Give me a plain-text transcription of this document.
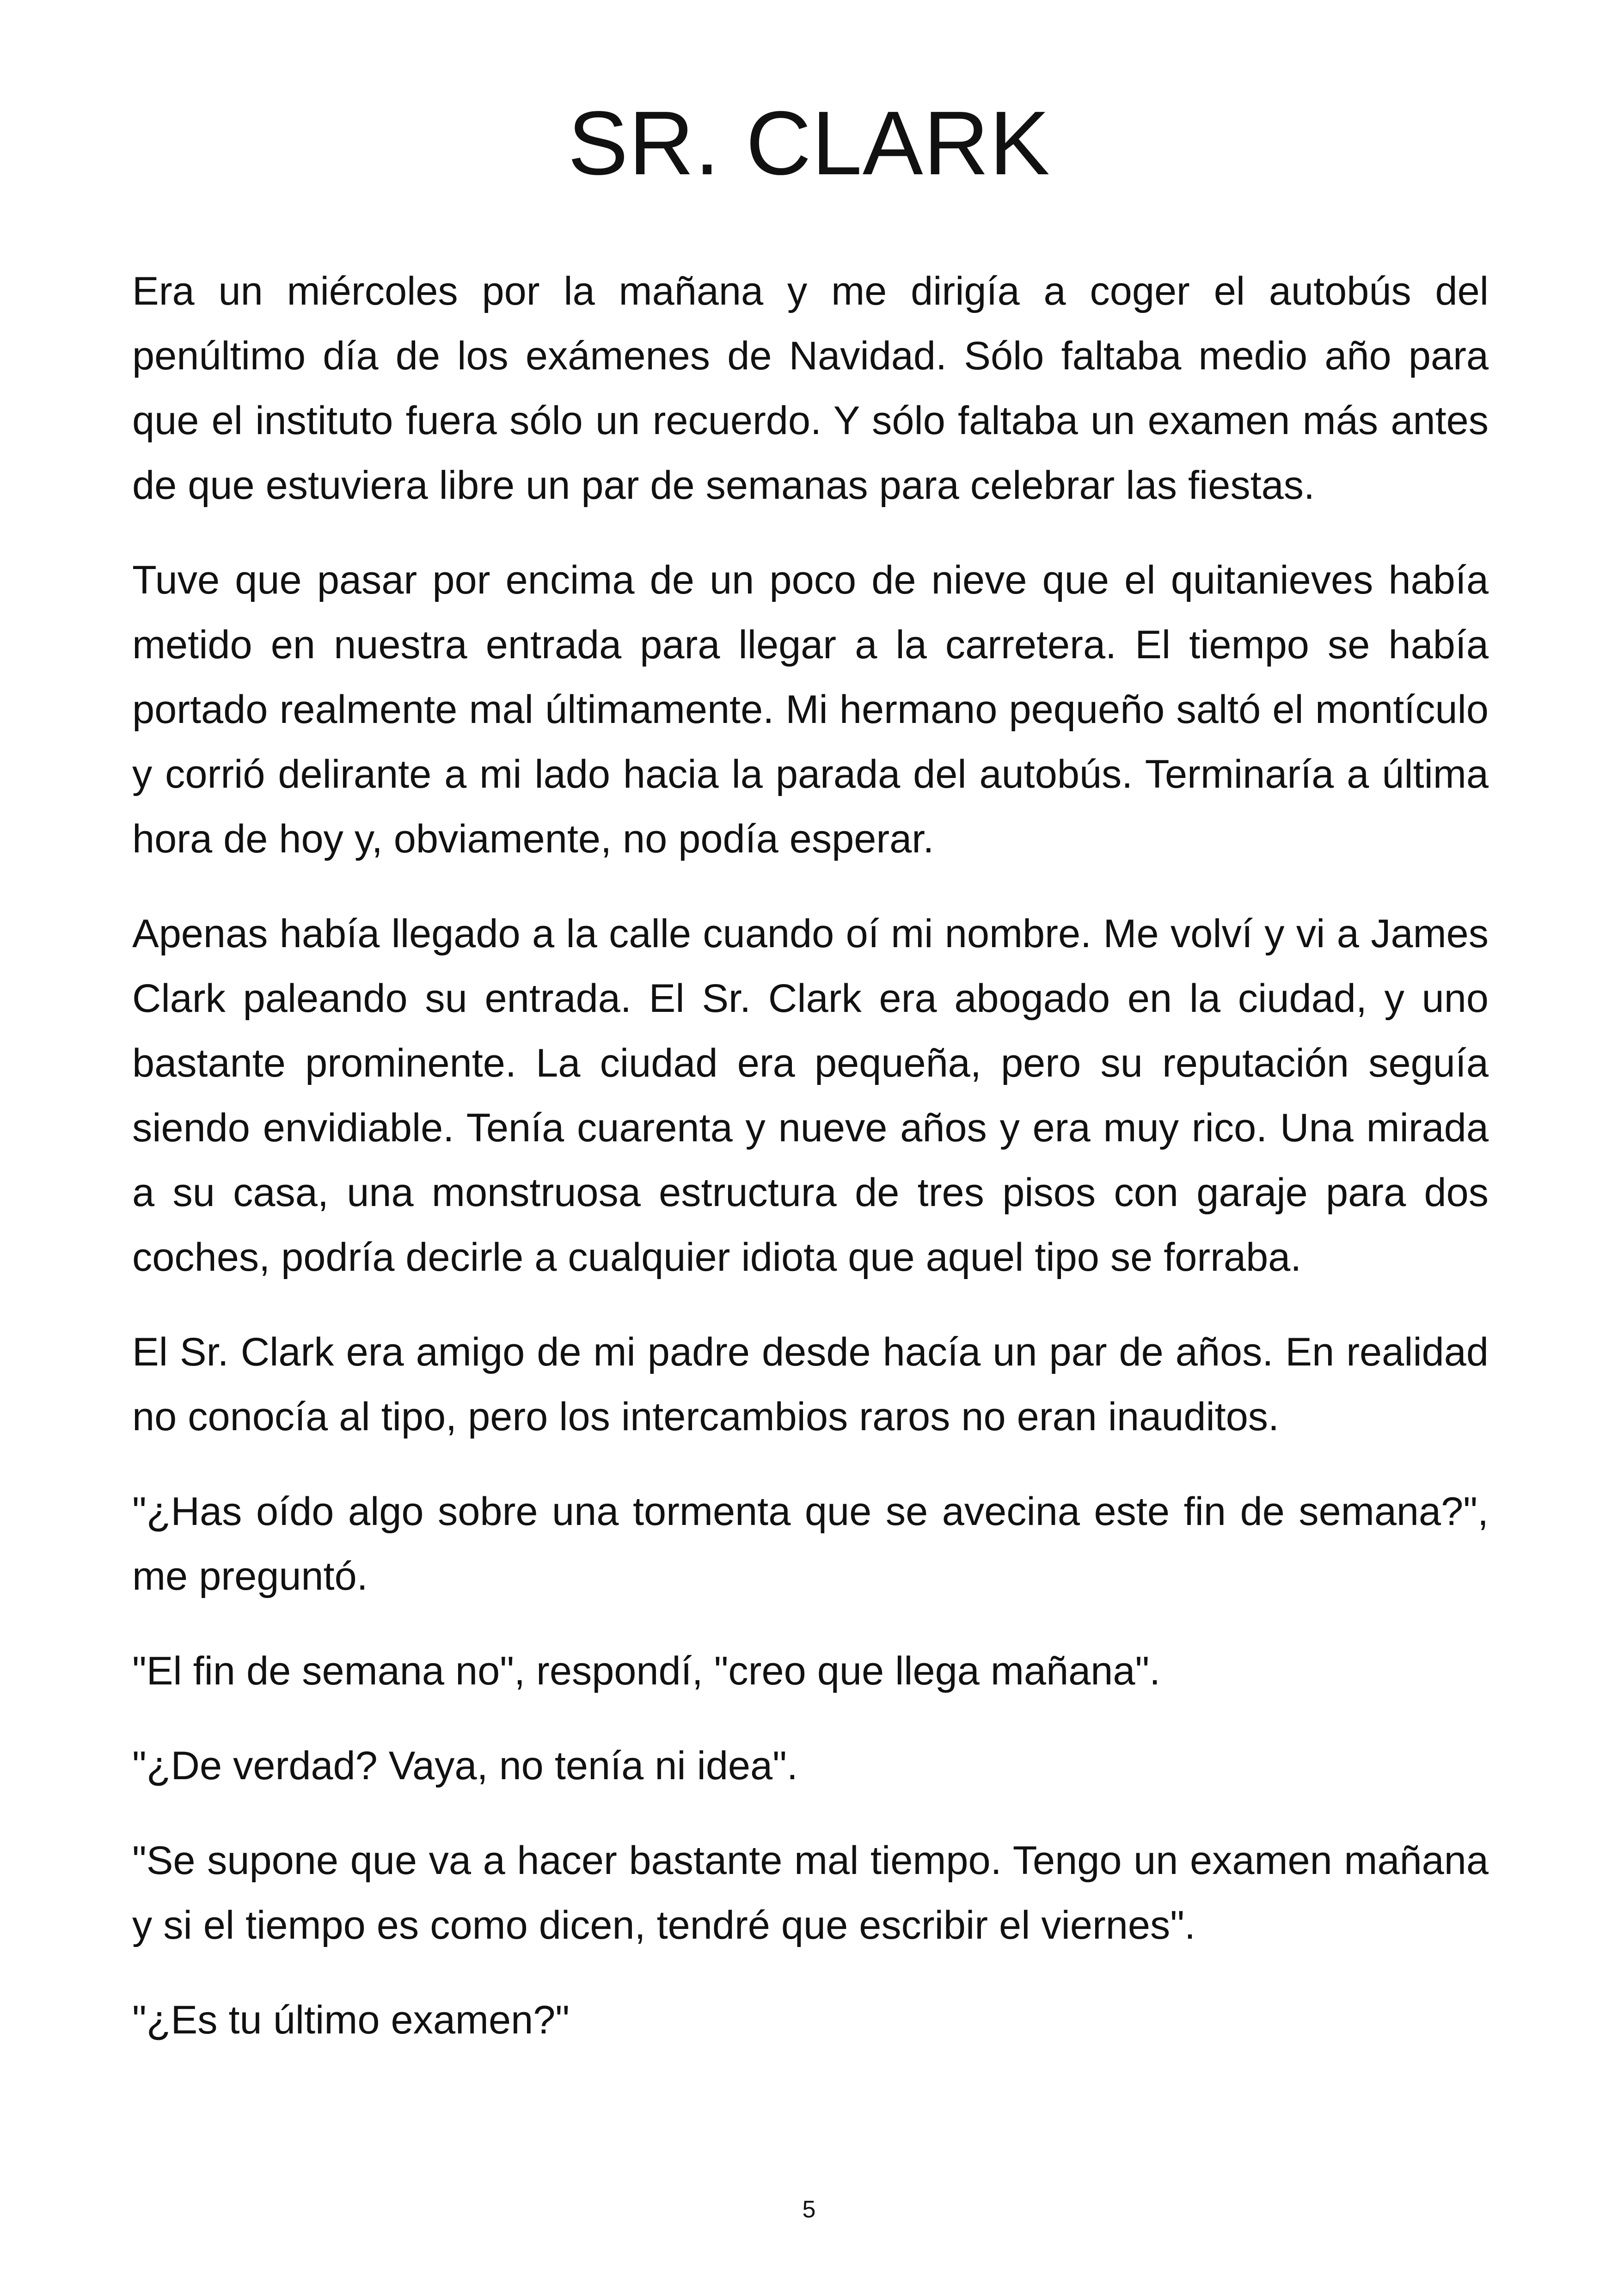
SR. CLARK

Era un miércoles por la mañana y me dirigía a coger el autobús del penúltimo día de los exámenes de Navidad. Sólo faltaba medio año para que el instituto fuera sólo un recuerdo. Y sólo faltaba un examen más antes de que estuviera libre un par de semanas para celebrar las fiestas.

Tuve que pasar por encima de un poco de nieve que el quitanieves había metido en nuestra entrada para llegar a la carretera. El tiempo se había portado realmente mal últimamente. Mi hermano pequeño saltó el montículo y corrió delirante a mi lado hacia la parada del autobús. Terminaría a última hora de hoy y, obviamente, no podía esperar.

Apenas había llegado a la calle cuando oí mi nombre. Me volví y vi a James Clark paleando su entrada. El Sr. Clark era abogado en la ciudad, y uno bastante prominente. La ciudad era pequeña, pero su reputación seguía siendo envidiable. Tenía cuarenta y nueve años y era muy rico. Una mirada a su casa, una monstruosa estructura de tres pisos con garaje para dos coches, podría decirle a cualquier idiota que aquel tipo se forraba.

El Sr. Clark era amigo de mi padre desde hacía un par de años. En realidad no conocía al tipo, pero los intercambios raros no eran inauditos.

"¿Has oído algo sobre una tormenta que se avecina este fin de semana?", me preguntó.

"El fin de semana no", respondí, "creo que llega mañana".

"¿De verdad? Vaya, no tenía ni idea".

"Se supone que va a hacer bastante mal tiempo. Tengo un examen mañana y si el tiempo es como dicen, tendré que escribir el viernes".

"¿Es tu último examen?"

5
